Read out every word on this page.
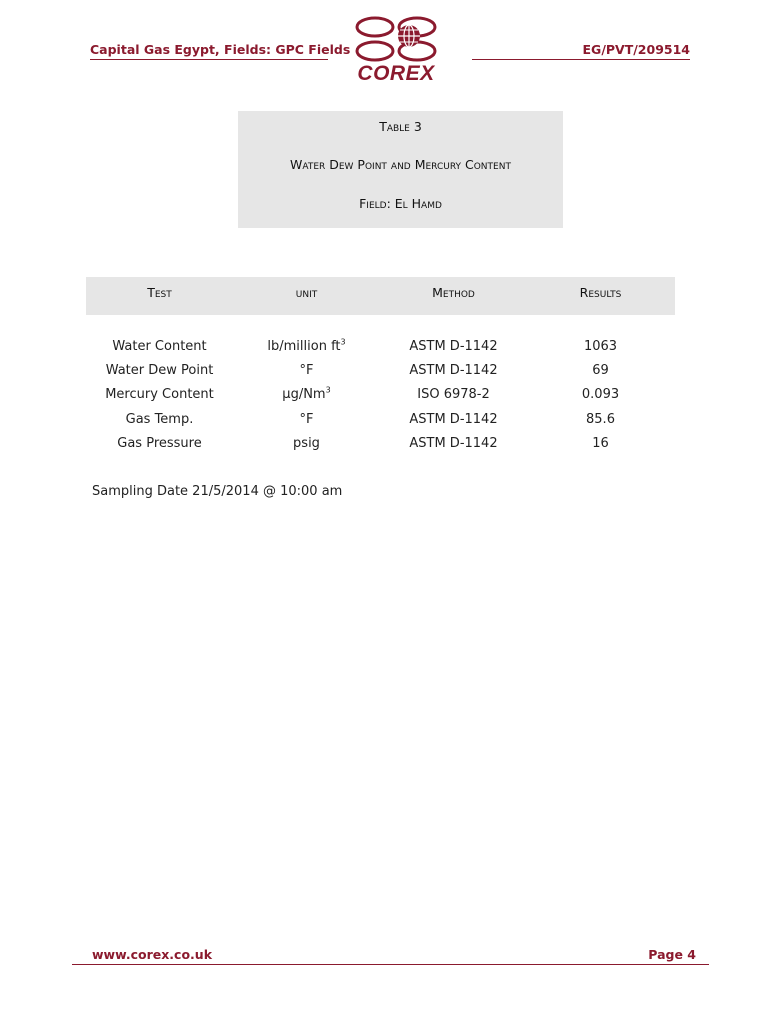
Capital Gas Egypt, Fields: GPC Fields
COREX
EG/PVT/209514
Table 3
Water Dew Point and Mercury Content
Field: El Hamd
Test	unit	Method	Results
Water Content	lb/million $ft^3$	ASTM D-1142	1063
Water Dew Point	°F	ASTM D-1142	69
Mercury Content	µg/Nm$^3$	ISO 6978-2	0.093
Gas Temp.	°F	ASTM D-1142	85.6
Gas Pressure	psig	ASTM D-1142	16
Sampling Date 21/5/2014 @ 10:00 am
www.corex.co.uk	Page 4
